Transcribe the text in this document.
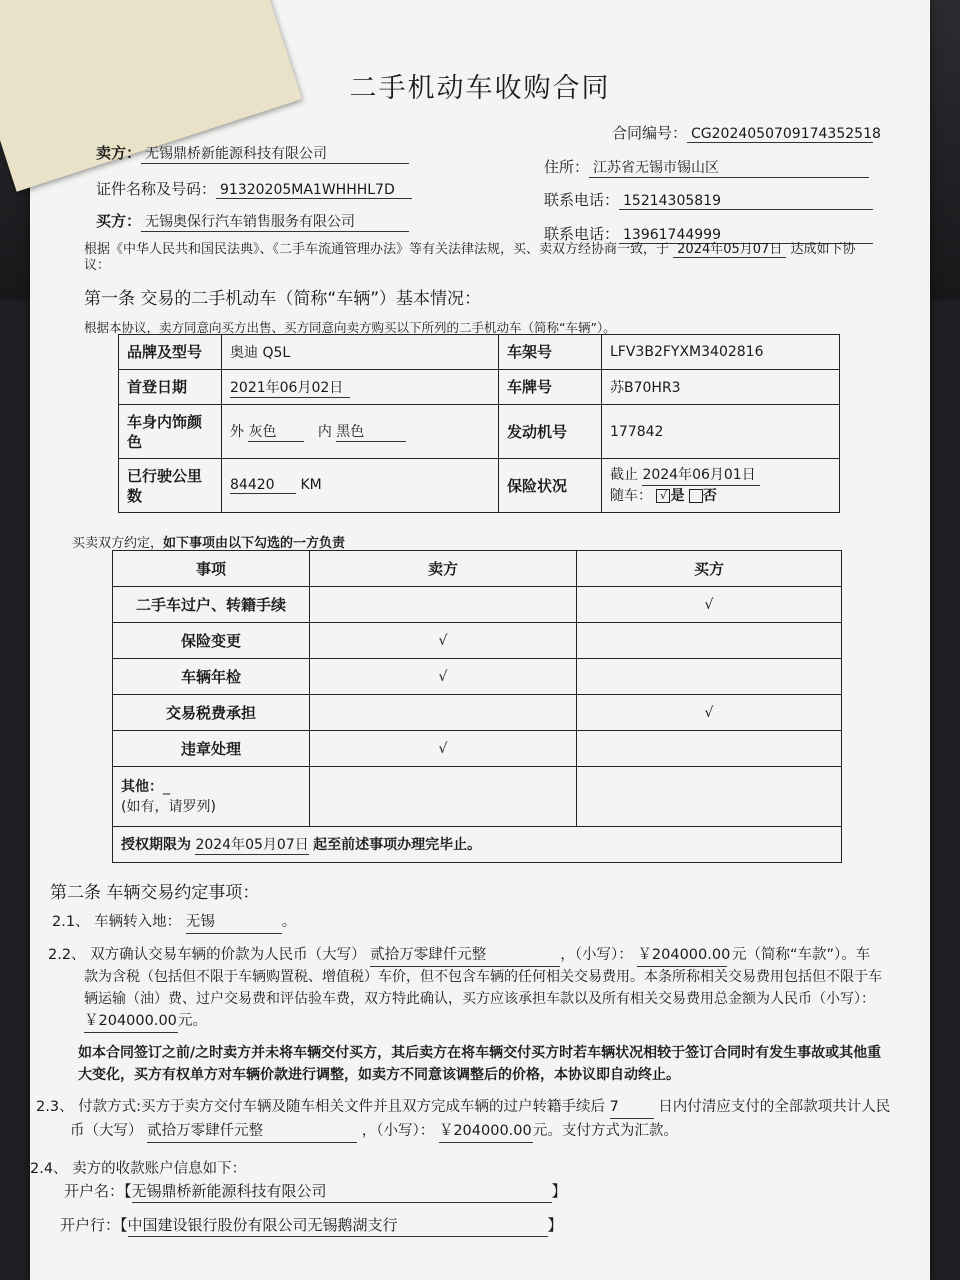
二手机动车收购合同
合同编号： CG2024050709174352518
卖方： 无锡鼎桥新能源科技有限公司
住所： 江苏省无锡市锡山区
证件名称及号码： 91320205MA1WHHHL7D
联系电话： 15214305819
买方： 无锡奥保行汽车销售服务有限公司
联系电话： 13961744999
根据《中华人民共和国民法典》、《二手车流通管理办法》等有关法律法规，买、卖双方经协商一致，于 2024年05月07日 达成如下协
议：
第一条 交易的二手机动车（简称“车辆”）基本情况：
根据本协议，卖方同意向买方出售、买方同意向卖方购买以下所列的二手机动车（简称“车辆”）。
品牌及型号	奥迪 Q5L	车架号	LFV3B2FYXM3402816
首登日期	2021年06月02日	车牌号	苏B70HR3
车身内饰颜色	外 灰色 内 黑色	发动机号	177842
已行驶公里数	84420 KM	保险状况	截止 2024年06月01日
随车： √ 是 否
买卖双方约定，如下事项由以下勾选的一方负责
事项	卖方	买方
二手车过户、转籍手续		√
保险变更	√	
车辆年检	√	
交易税费承担		√
违章处理	√	
其他：_
(如有，请罗列)		
授权期限为 2024年05月07日 起至前述事项办理完毕止。		
第二条 车辆交易约定事项：
2.1、 车辆转入地： 无锡	。
2.2、 双方确认交易车辆的价款为人民币（大写） 贰拾万零肆仟元整	，（小写）： ￥204000.00 元（简称“车款”）。车
款为含税（包括但不限于车辆购置税、增值税）车价，但不包含车辆的任何相关交易费用。本条所称相关交易费用包括但不限于车
辆运输（油）费、过户交易费和评估验车费，双方特此确认，买方应该承担车款以及所有相关交易费用总金额为人民币（小写）：
￥204000.00元。
如本合同签订之前/之时卖方并未将车辆交付买方，其后卖方在将车辆交付买方时若车辆状况相较于签订合同时有发生事故或其他重
大变化，买方有权单方对车辆价款进行调整，如卖方不同意该调整后的价格，本协议即自动终止。
2.3、 付款方式:买方于卖方交付车辆及随车相关文件并且双方完成车辆的过户转籍手续后 7	日内付清应支付的全部款项共计人民
币（大写） 贰拾万零肆仟元整	，（小写）： ￥204000.00元。支付方式为汇款。
2.4、 卖方的收款账户信息如下：
开户名：【无锡鼎桥新能源科技有限公司	】
开户行：【中国建设银行股份有限公司无锡鹅湖支行	】
